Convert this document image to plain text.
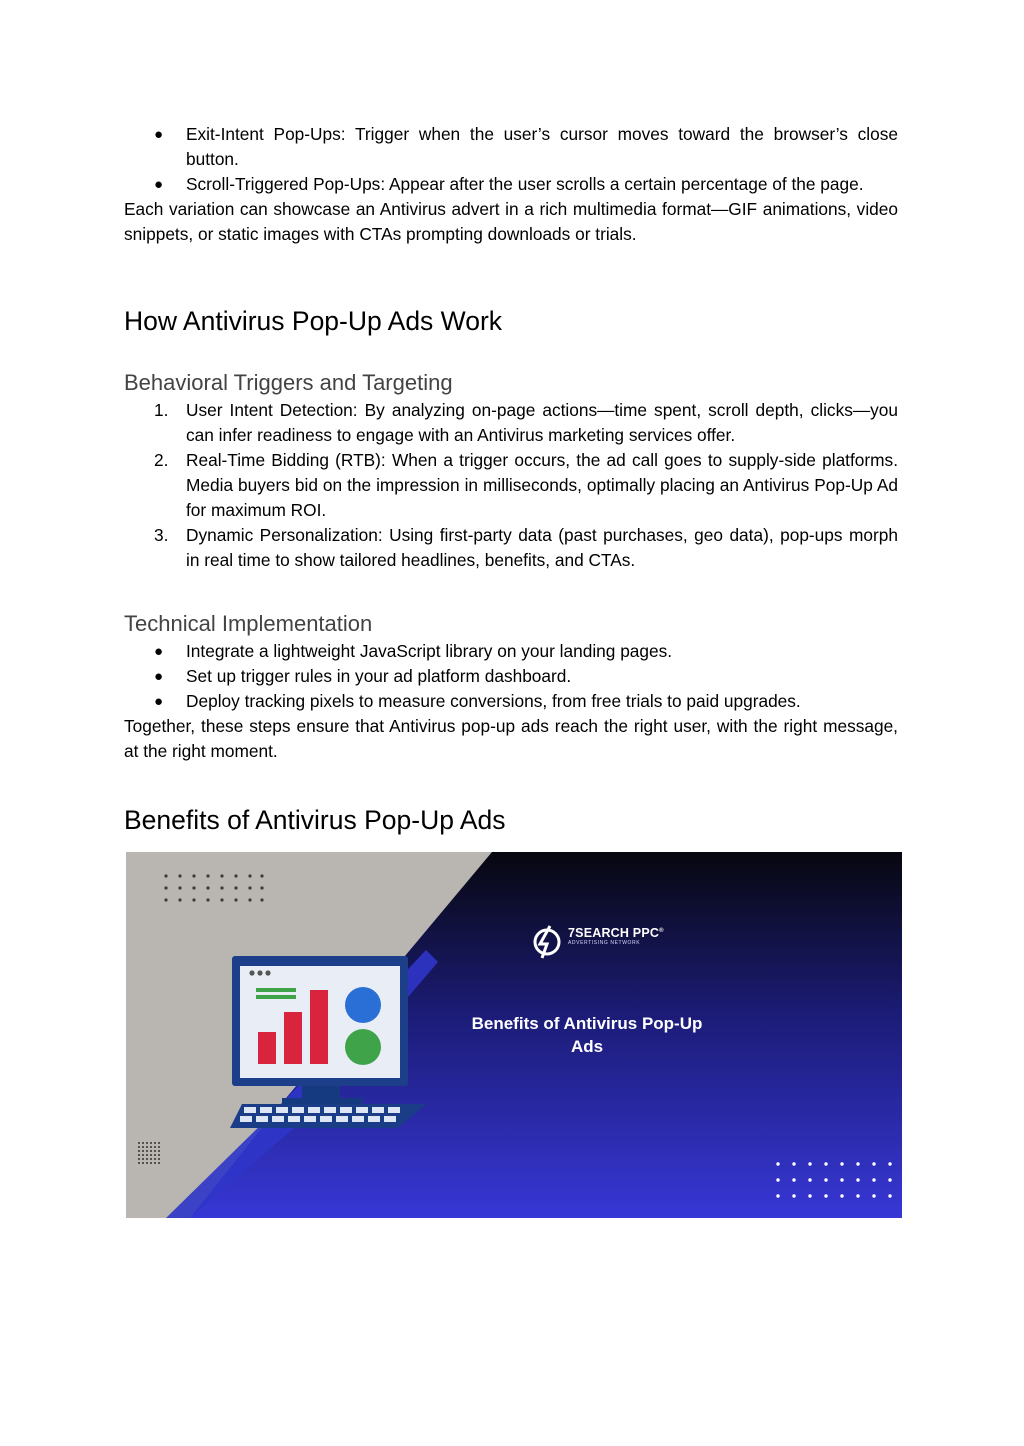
● Exit‑Intent Pop‑Ups: Trigger when the user’s cursor moves toward the browser’s close button.
● Scroll‑Triggered Pop‑Ups: Appear after the user scrolls a certain percentage of the page.

Each variation can showcase an Antivirus advert in a rich multimedia format—GIF animations, video snippets, or static images with CTAs prompting downloads or trials.

How Antivirus Pop‑Up Ads Work
Behavioral Triggers and Targeting
1. User Intent Detection: By analyzing on‑page actions—time spent, scroll depth, clicks—you can infer readiness to engage with an Antivirus marketing services offer.
2. Real‑Time Bidding (RTB): When a trigger occurs, the ad call goes to supply‑side platforms. Media buyers bid on the impression in milliseconds, optimally placing an Antivirus Pop‑Up Ad for maximum ROI.
3. Dynamic Personalization: Using first‑party data (past purchases, geo data), pop‑ups morph in real time to show tailored headlines, benefits, and CTAs.
Technical Implementation
● Integrate a lightweight JavaScript library on your landing pages.
● Set up trigger rules in your ad platform dashboard.
● Deploy tracking pixels to measure conversions, from free trials to paid upgrades.

Together, these steps ensure that Antivirus pop‑up ads reach the right user, with the right message, at the right moment.

Benefits of Antivirus Pop‑Up Ads
7SEARCH PPC®
ADVERTISING NETWORK
Benefits of Antivirus Pop-Up
Ads
